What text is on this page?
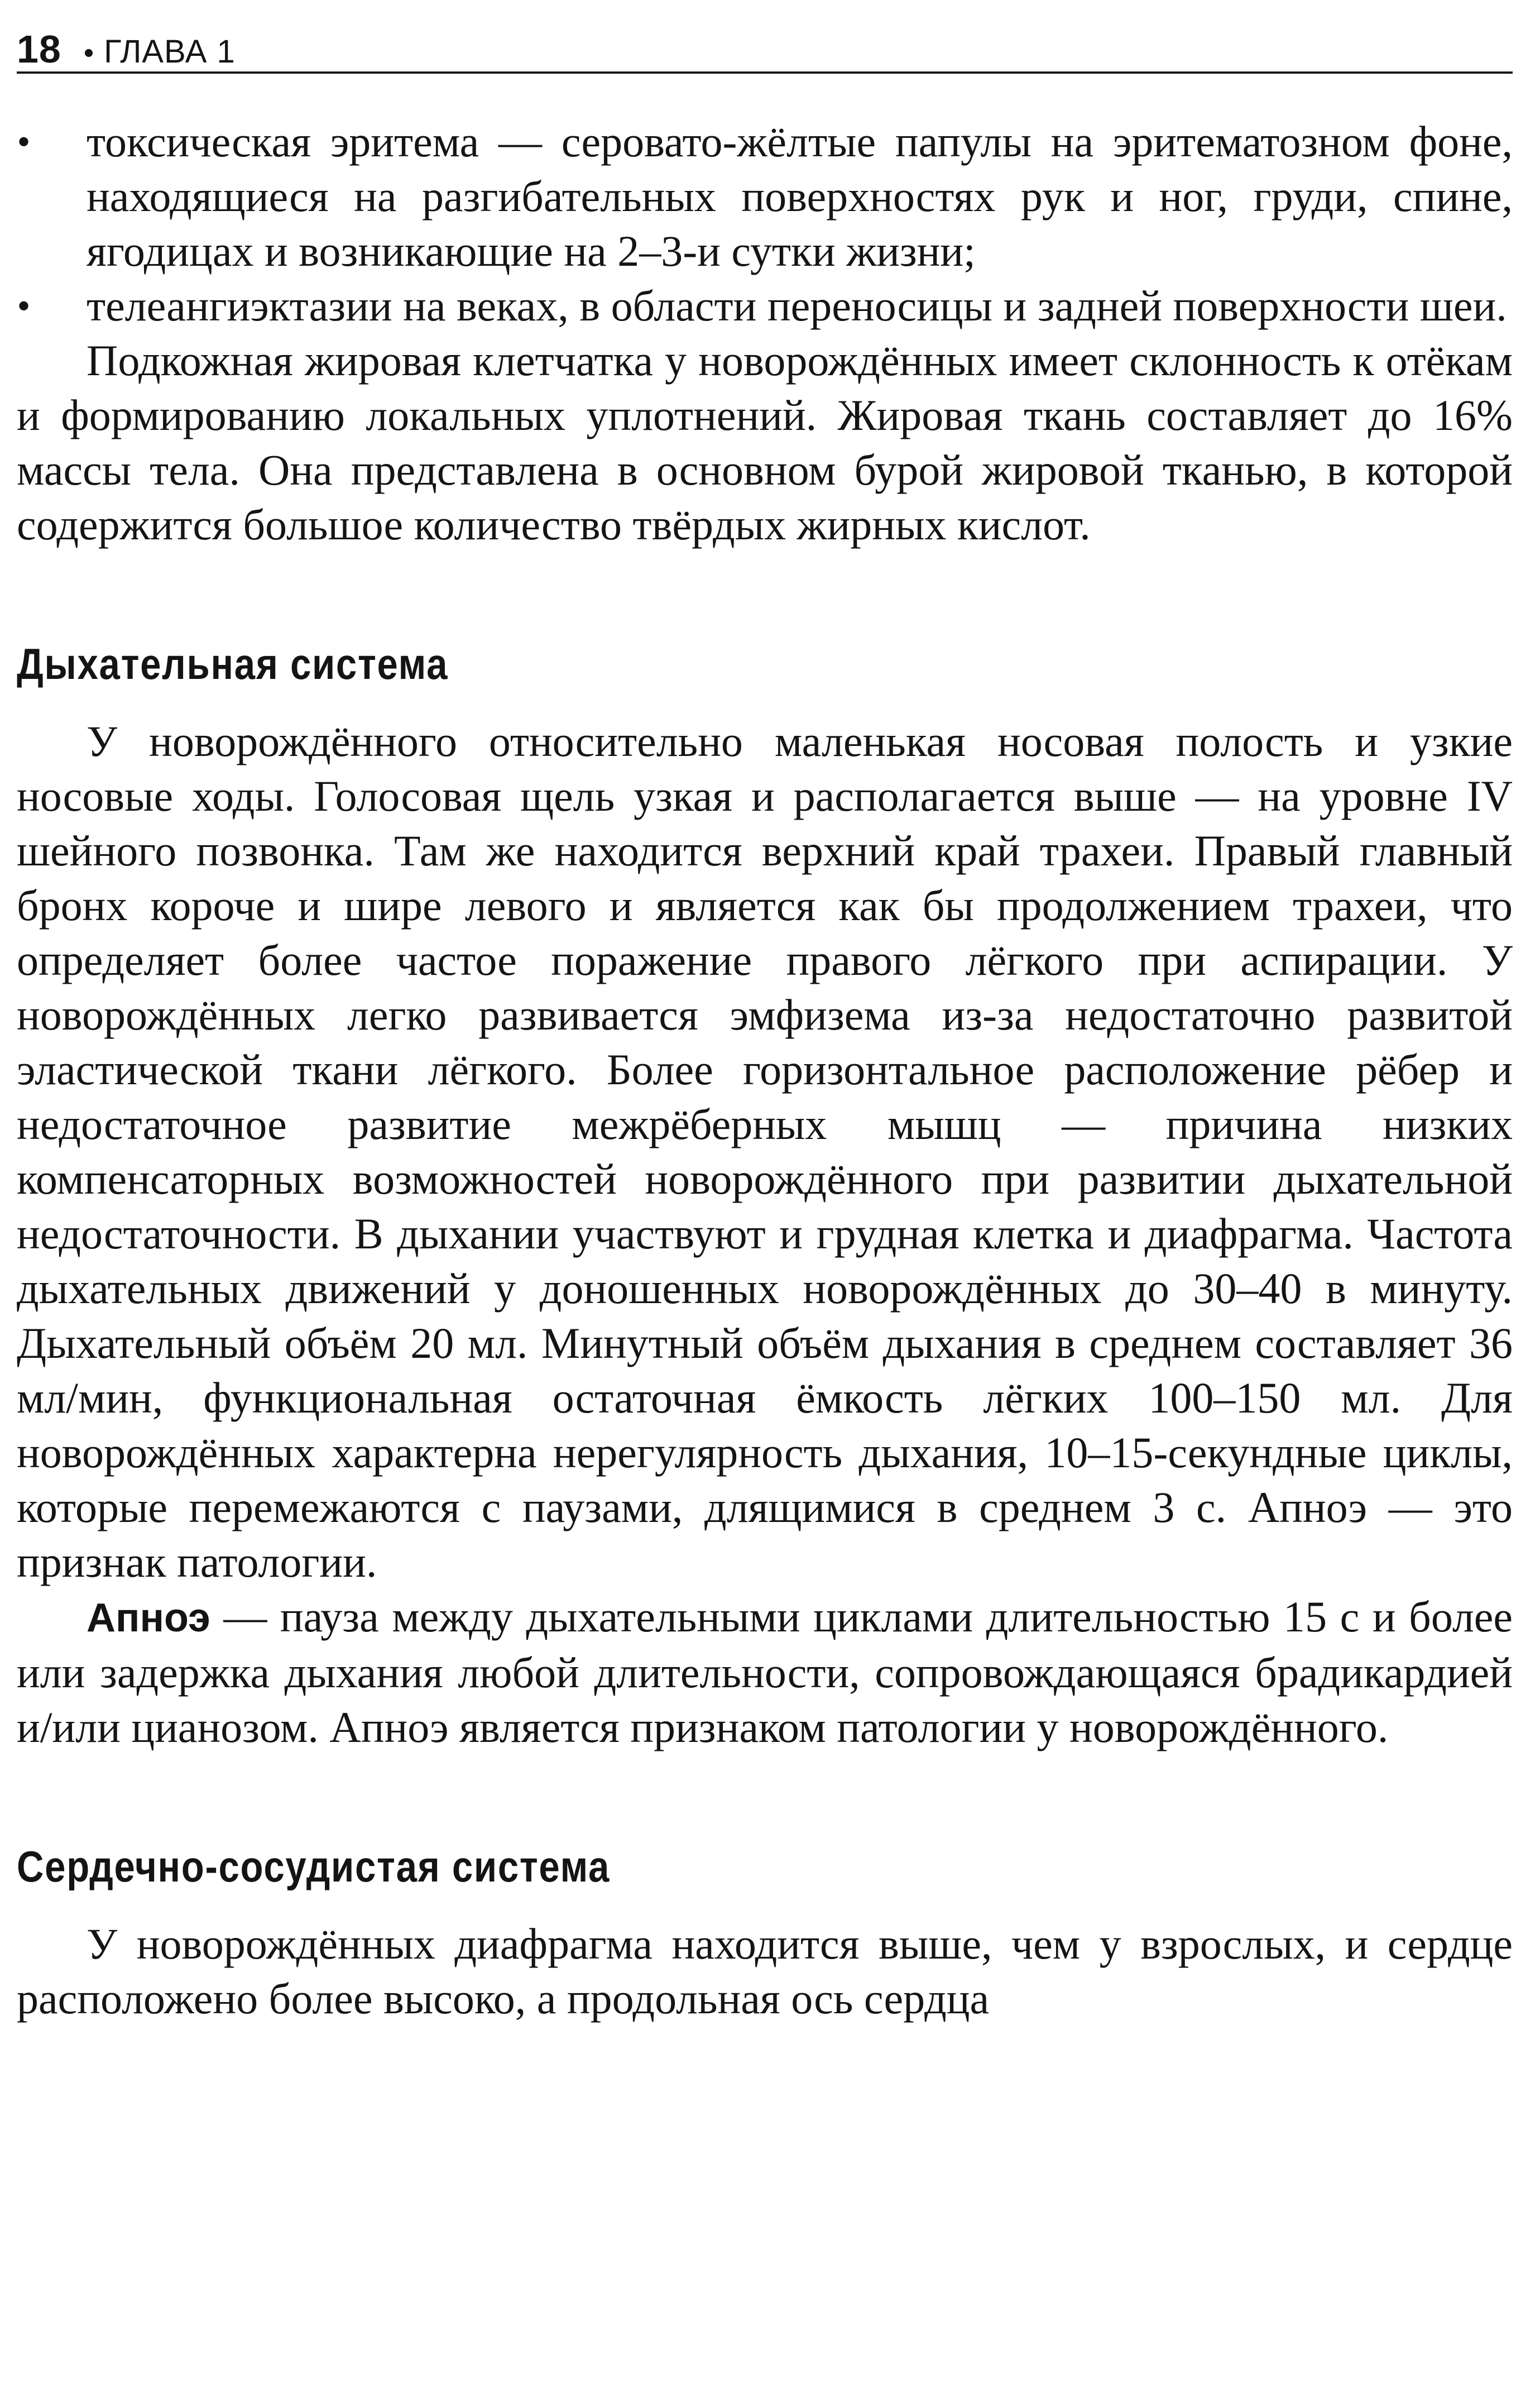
18 • ГЛАВА 1
• токсическая эритема — серовато-жёлтые папулы на эритематозном фоне, находящиеся на разгибательных поверхностях рук и ног, груди, спине, ягодицах и возникающие на 2–3-и сутки жизни;
• телеангиэктазии на веках, в области переносицы и задней поверхности шеи.

Подкожная жировая клетчатка у новорождённых имеет склонность к отёкам и формированию локальных уплотнений. Жировая ткань составляет до 16% массы тела. Она представлена в основном бурой жировой тканью, в которой содержится большое количество твёрдых жирных кислот.

Дыхательная система

У новорождённого относительно маленькая носовая полость и узкие носовые ходы. Голосовая щель узкая и располагается выше — на уровне IV шейного позвонка. Там же находится верхний край трахеи. Правый главный бронх короче и шире левого и является как бы продолжением трахеи, что определяет более частое поражение правого лёгкого при аспирации. У новорождённых легко развивается эмфизема из-за недостаточно развитой эластической ткани лёгкого. Более горизонтальное расположение рёбер и недостаточное развитие межрёберных мышц — причина низких компенсаторных возможностей новорождённого при развитии дыхательной недостаточности. В дыхании участвуют и грудная клетка и диафрагма. Частота дыхательных движений у доношенных новорождённых до 30–40 в минуту. Дыхательный объём 20 мл. Минутный объём дыхания в среднем составляет 36 мл/мин, функциональная остаточная ёмкость лёгких 100–150 мл. Для новорождённых характерна нерегулярность дыхания, 10–15-секундные циклы, которые перемежаются с паузами, длящимися в среднем 3 с. Апноэ — это признак патологии.

Апноэ — пауза между дыхательными циклами длительностью 15 с и более или задержка дыхания любой длительности, сопровождающаяся брадикардией и/или цианозом. Апноэ является признаком патологии у новорождённого.

Сердечно-сосудистая система

У новорождённых диафрагма находится выше, чем у взрослых, и сердце расположено более высоко, а продольная ось сердца
